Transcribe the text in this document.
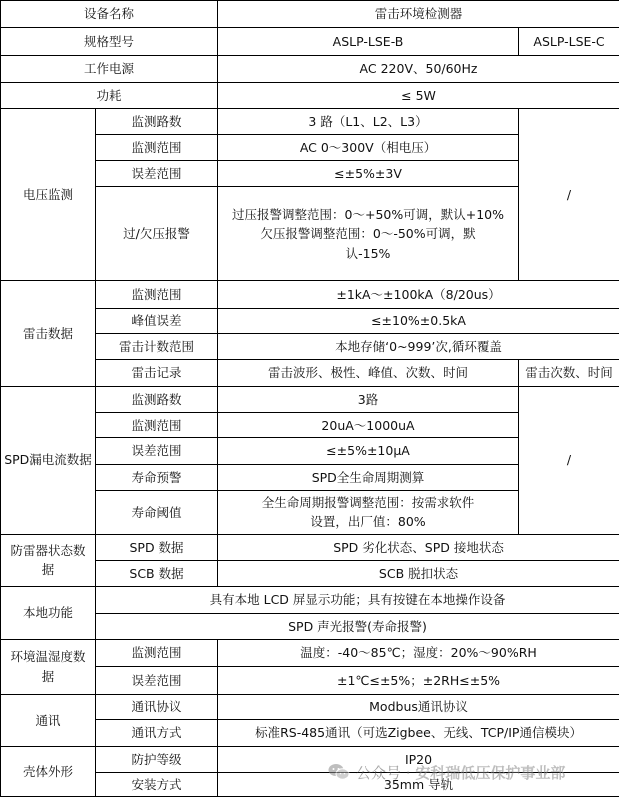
设备名称		雷击环境检测器	
规格型号		ASLP-LSE-B	ASLP-LSE-C
工作电源		AC 220V、50/60Hz	
功耗		≤ 5W	
电压监测	监测路数	3 路（L1、L2、L3）	/
	监测范围	AC 0～300V（相电压）	
	误差范围	≤±5%±3V	
	过/欠压报警	过压报警调整范围：0～+50%可调，默认+10%
欠压报警调整范围：0～-50%可调，默
认-15%	

雷击数据	监测范围	±1kA～±100kA（8/20us）	
	峰值误差	≤±10%±0.5kA	
	雷击计数范围	本地存储‘0~999’次,循环覆盖	
	雷击记录	雷击波形、极性、峰值、次数、时间	雷击次数、时间
SPD漏电流数据	监测路数	3路	/
	监测范围	20uA～1000uA	
	误差范围	≤±5%±10μA	
	寿命预警	SPD全生命周期测算	
	寿命阈值	全生命周期报警调整范围：按需求软件
设置，出厂值：80%	

防雷器状态数
据	SPD 数据	SPD 劣化状态、SPD 接地状态	
	SCB 数据	SCB 脱扣状态	
本地功能	具有本地 LCD 屏显示功能；具有按键在本地操作设备		
	SPD 声光报警(寿命报警)		

环境温湿度数
据	监测范围	温度：-40～85℃；湿度：20%～90%RH	
	误差范围	±1℃≤±5%；±2RH≤±5%	
通讯	通讯协议	Modbus通讯协议	
	通讯方式	标准RS-485通讯（可选Zigbee、无线、TCP/IP通信模块）	
壳体外形	防护等级	IP20	
	安装方式	35mm 导轨	
公众号 · 安科瑞低压保护事业部
